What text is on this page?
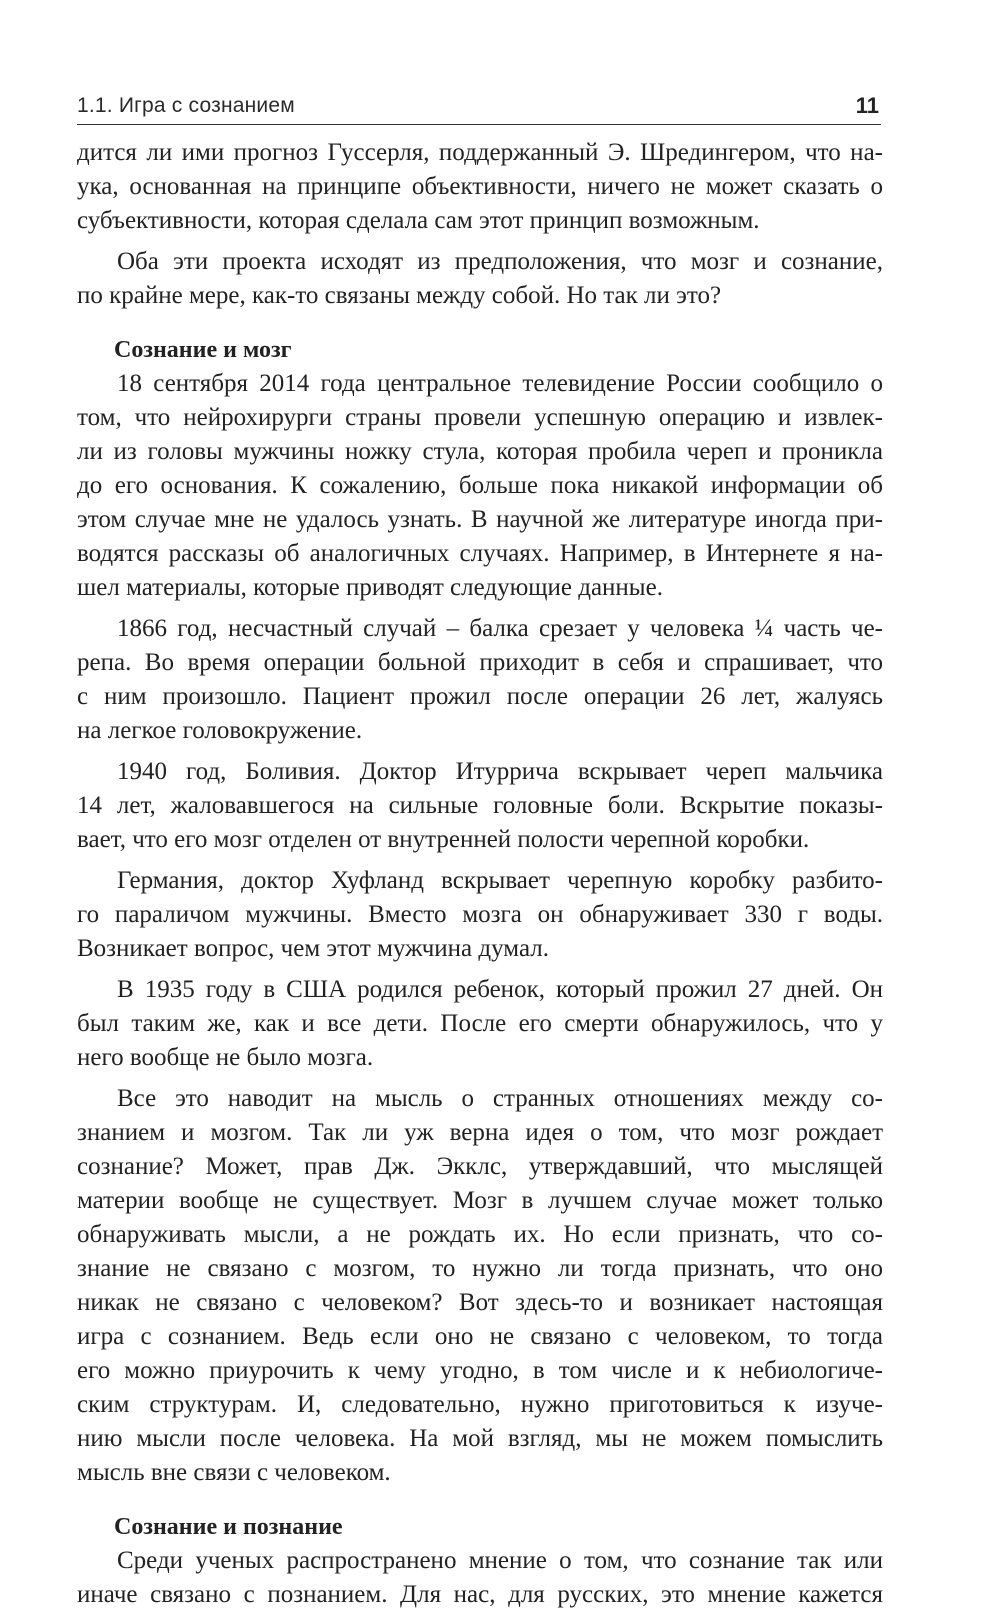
1.1. Игра с сознанием	11
дится ли ими прогноз Гуссерля, поддержанный Э. Шредингером, что на-
ука, основанная на принципе объективности, ничего не может сказать о
субъективности, которая сделала сам этот принцип возможным.
Оба эти проекта исходят из предположения, что мозг и сознание,
по крайне мере, как-то связаны между собой. Но так ли это?
Сознание и мозг
18 сентября 2014 года центральное телевидение России сообщило о
том, что нейрохирурги страны провели успешную операцию и извлек-
ли из головы мужчины ножку стула, которая пробила череп и проникла
до его основания. К сожалению, больше пока никакой информации об
этом случае мне не удалось узнать. В научной же литературе иногда при-
водятся рассказы об аналогичных случаях. Например, в Интернете я на-
шел материалы, которые приводят следующие данные.
1866 год, несчастный случай – балка срезает у человека ¼ часть че-
репа. Во время операции больной приходит в себя и спрашивает, что
с ним произошло. Пациент прожил после операции 26 лет, жалуясь
на легкое головокружение.
1940 год, Боливия. Доктор Итуррича вскрывает череп мальчика
14 лет, жаловавшегося на сильные головные боли. Вскрытие показы-
вает, что его мозг отделен от внутренней полости черепной коробки.
Германия, доктор Хуфланд вскрывает черепную коробку разбито-
го параличом мужчины. Вместо мозга он обнаруживает 330 г воды.
Возникает вопрос, чем этот мужчина думал.
В 1935 году в США родился ребенок, который прожил 27 дней. Он
был таким же, как и все дети. После его смерти обнаружилось, что у
него вообще не было мозга.
Все это наводит на мысль о странных отношениях между со-
знанием и мозгом. Так ли уж верна идея о том, что мозг рождает
сознание? Может, прав Дж. Экклс, утверждавший, что мыслящей
материи вообще не существует. Мозг в лучшем случае может только
обнаруживать мысли, а не рождать их. Но если признать, что со-
знание не связано с мозгом, то нужно ли тогда признать, что оно
никак не связано с человеком? Вот здесь-то и возникает настоящая
игра с сознанием. Ведь если оно не связано с человеком, то тогда
его можно приурочить к чему угодно, в том числе и к небиологиче-
ским структурам. И, следовательно, нужно приготовиться к изуче-
нию мысли после человека. На мой взгляд, мы не можем помыслить
мысль вне связи с человеком.
Сознание и познание
Среди ученых распространено мнение о том, что сознание так или
иначе связано с познанием. Для нас, для русских, это мнение кажется
